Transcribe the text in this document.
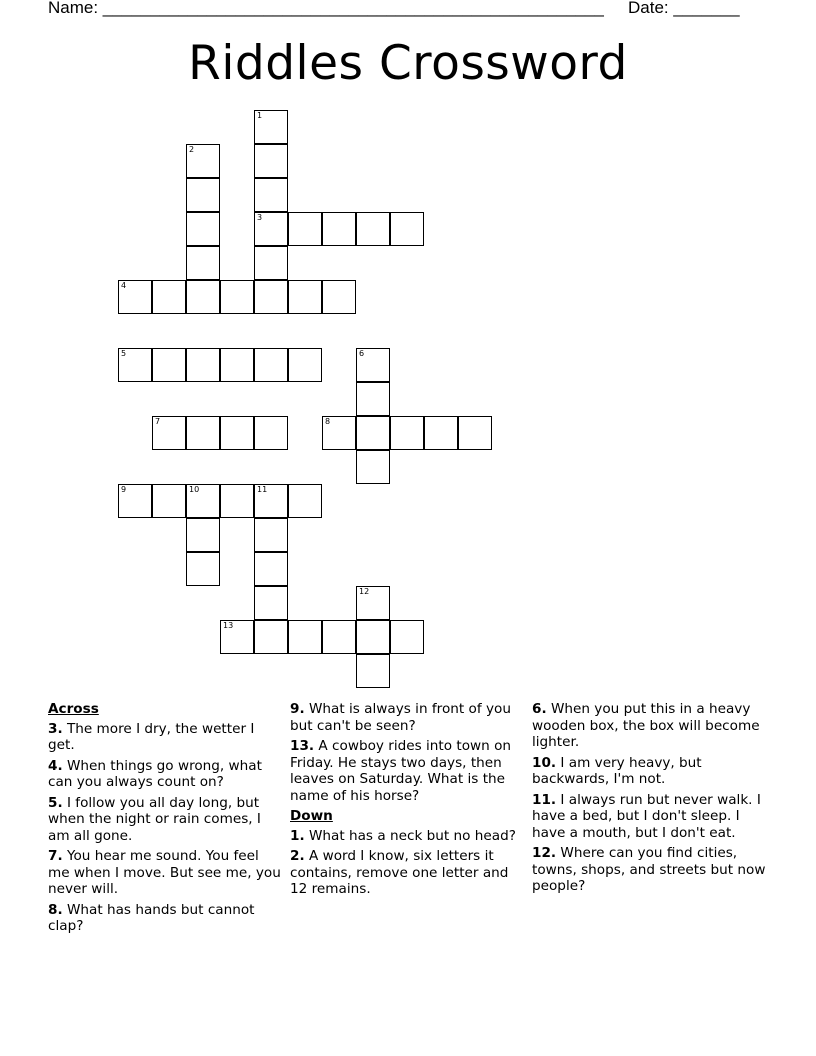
Name: _____________________________________________________ Date: _______
Riddles Crossword
1
3
2
4
5	6
7	8
9	10	11
12
13
Across
3. The more I dry, the wetter I get.
4. When things go wrong, what can you always count on?
5. I follow you all day long, but when the night or rain comes, I am all gone.
7. You hear me sound. You feel me when I move. But see me, you never will.
8. What has hands but cannot clap?
9. What is always in front of you but can't be seen?
13. A cowboy rides into town on Friday. He stays two days, then leaves on Saturday. What is the name of his horse?
Down
1. What has a neck but no head?
2. A word I know, six letters it contains, remove one letter and 12 remains.
6. When you put this in a heavy wooden box, the box will become lighter.
10. I am very heavy, but backwards, I'm not.
11. I always run but never walk. I have a bed, but I don't sleep. I have a mouth, but I don't eat.
12. Where can you find cities, towns, shops, and streets but now people?
